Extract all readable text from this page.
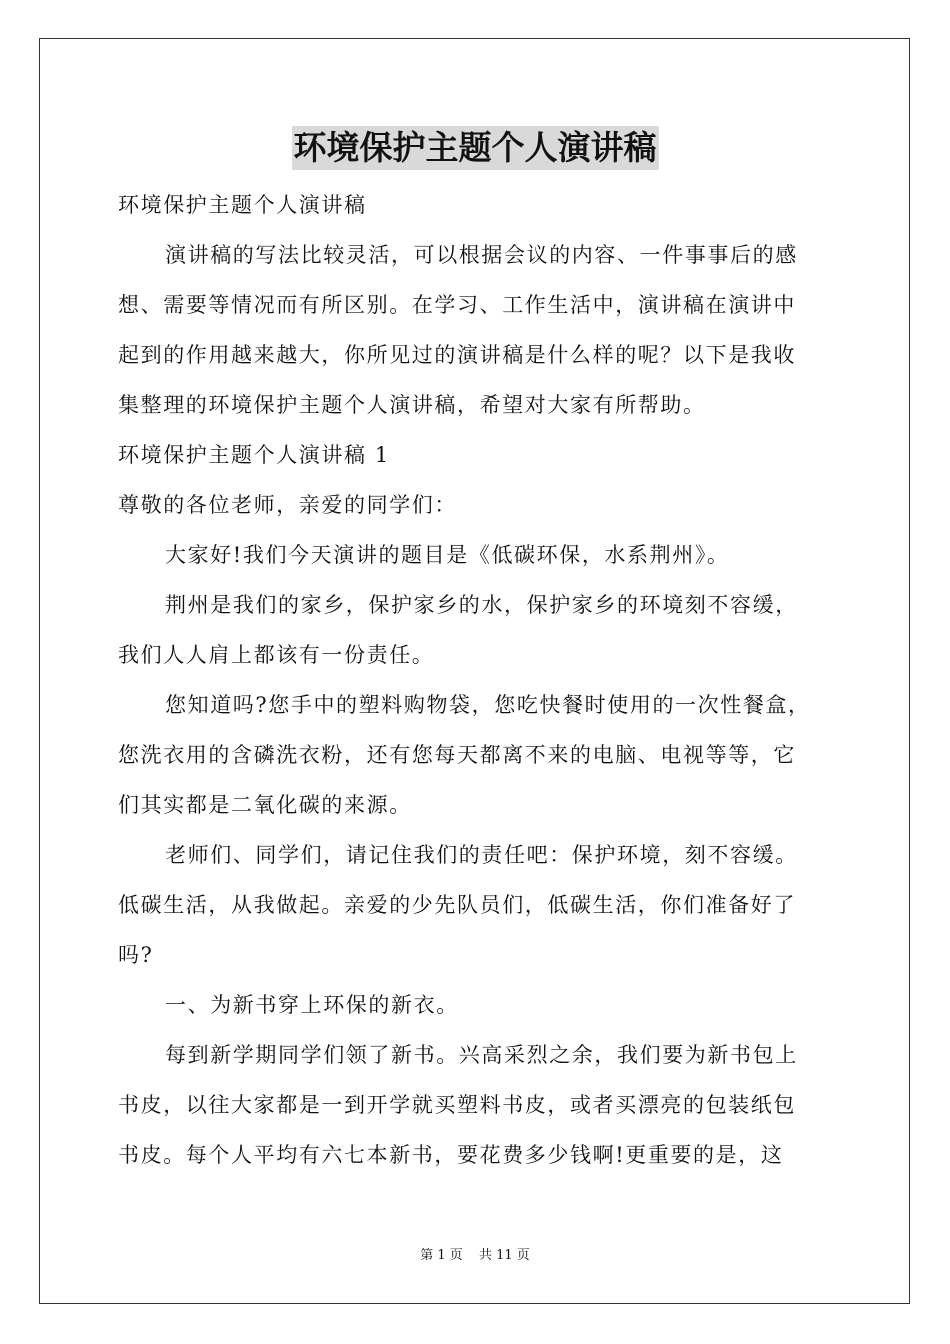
环境保护主题个人演讲稿
环境保护主题个人演讲稿
演讲稿的写法比较灵活，可以根据会议的内容、一件事事后的感
想、需要等情况而有所区别。在学习、工作生活中，演讲稿在演讲中
起到的作用越来越大，你所见过的演讲稿是什么样的呢？以下是我收
集整理的环境保护主题个人演讲稿，希望对大家有所帮助。
环境保护主题个人演讲稿 1
尊敬的各位老师，亲爱的同学们：
大家好!我们今天演讲的题目是《低碳环保，水系荆州》。
荆州是我们的家乡，保护家乡的水，保护家乡的环境刻不容缓，
我们人人肩上都该有一份责任。
您知道吗?您手中的塑料购物袋，您吃快餐时使用的一次性餐盒，
您洗衣用的含磷洗衣粉，还有您每天都离不来的电脑、电视等等，它
们其实都是二氧化碳的来源。
老师们、同学们，请记住我们的责任吧：保护环境，刻不容缓。
低碳生活，从我做起。亲爱的少先队员们，低碳生活，你们准备好了
吗?
一、为新书穿上环保的新衣。
每到新学期同学们领了新书。兴高采烈之余，我们要为新书包上
书皮，以往大家都是一到开学就买塑料书皮，或者买漂亮的包装纸包
书皮。每个人平均有六七本新书，要花费多少钱啊!更重要的是，这
第 1 页 共 11 页
